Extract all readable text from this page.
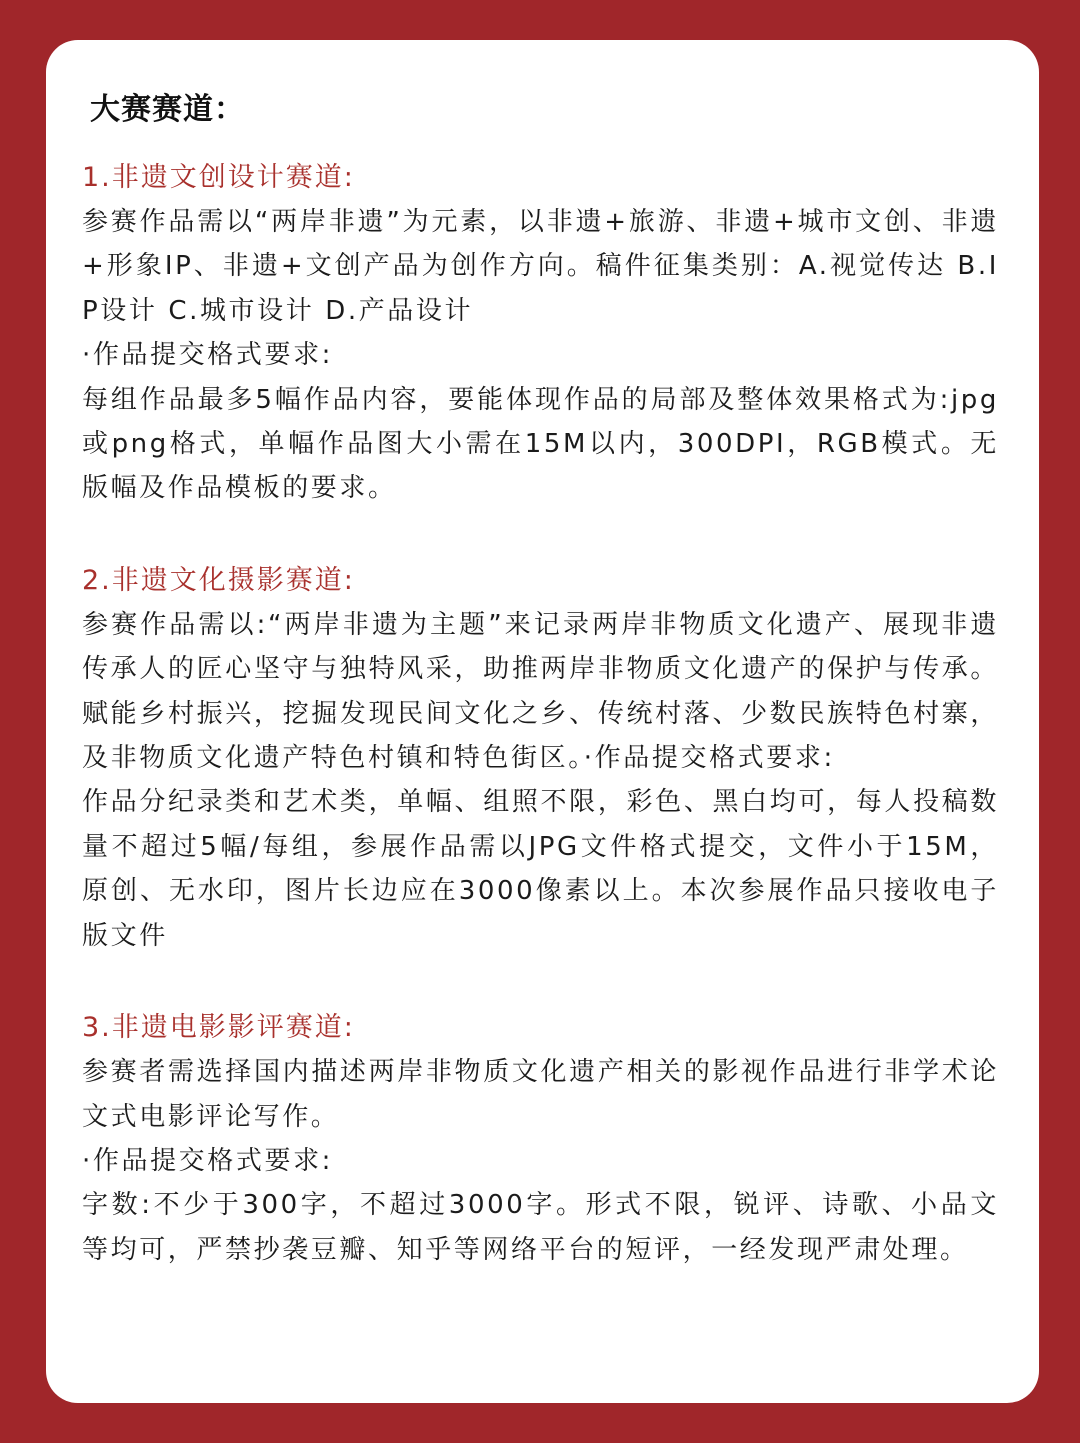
大赛赛道：

1.非遗文创设计赛道:

参赛作品需以“两岸非遗”为元素，以非遗+旅游、非遗+城市文创、非遗+形象IP、非遗+文创产品为创作方向。稿件征集类别：A.视觉传达 B.IP设计 C.城市设计 D.产品设计

·作品提交格式要求:

每组作品最多5幅作品内容，要能体现作品的局部及整体效果格式为:jpg或png格式，单幅作品图大小需在15M以内，300DPI，RGB模式。无版幅及作品模板的要求。

2.非遗文化摄影赛道:

参赛作品需以:“两岸非遗为主题”来记录两岸非物质文化遗产、展现非遗传承人的匠心坚守与独特风采，助推两岸非物质文化遗产的保护与传承。赋能乡村振兴，挖掘发现民间文化之乡、传统村落、少数民族特色村寨，及非物质文化遗产特色村镇和特色街区。·作品提交格式要求:

作品分纪录类和艺术类，单幅、组照不限，彩色、黑白均可，每人投稿数量不超过5幅/每组，参展作品需以JPG文件格式提交，文件小于15M，原创、无水印，图片长边应在3000像素以上。本次参展作品只接收电子版文件

3.非遗电影影评赛道:

参赛者需选择国内描述两岸非物质文化遗产相关的影视作品进行非学术论文式电影评论写作。

·作品提交格式要求:

字数:不少于300字，不超过3000字。形式不限，锐评、诗歌、小品文等均可，严禁抄袭豆瓣、知乎等网络平台的短评，一经发现严肃处理。
